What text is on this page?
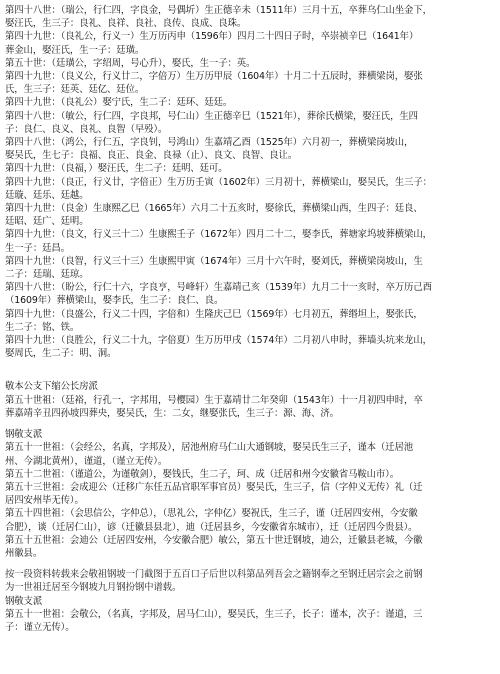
第四十八世：（瑞公，行仁四，字良金，号偶圻）生正德辛未（1511年）三月十五，卒葬乌仁山坐金下，
娶汪氏，生三子：良礼、良祥、良社、良传、良成、良珠。
第四十九世：（良礼公，行义一）生万历丙申（1596年）四月二十四日子时，卒崇祯辛巳（1641年）
葬金山，娶汪氏，生一子：廷璜。
第五十世：（廷璜公，字绍周，号心升），娶氏，生一子：英。
第四十九世：（良义公，行义廿二，字倍万）生万历甲辰（1604年）十月二十五辰时，葬横梁岗，娶张
氏，生三子：廷英、廷亿、廷位。
第四十九世：（良礼公）娶宁氏，生二子：廷环、廷廷。
第四十八世：（敏公，行仁四，字良邦，号仁山）生正德辛巳（1521年），葬徐氏横梁，娶汪氏，生四
子：良仁、良义、良礼、良智（早殁）。
第四十八世：（鸿公，行仁五，字良钊，号鸿山）生嘉靖乙酉（1525年）六月初一，葬横梁岗坡山，
娶吴氏，生七子：良福、良正、良金、良禄（止）、良文、良智、良让。
第四十九世：（良福，）娶汪氏，生二子：廷明、廷可。
第四十九世：（良正，行义廿，字倍正）生万历壬寅（1602年）三月初十，葬横梁山，娶吴氏，生三子：
廷璇、廷乐、廷越。
第四十九世：（良金）生康熙乙巳（1665年）六月二十五亥时，娶徐氏，葬横梁山西，生四子：廷良、
廷昭、廷广、廷明。
第四十九世：（良文，行义三十二）生康熙壬子（1672年）四月二十二，娶李氏，葬塘家坞坡葬横梁山，
生一子：廷昌。
第四十九世：（良智，行义三十三）生康熙甲寅（1674年）三月十六午时，娶刘氏，葬横梁岗坡山，生
二子：廷瑞、廷琼。
第四十八世：（盼公，行仁十六，字良亨，号峰轩）生嘉靖己亥（1539年）九月二十一亥时，卒万历己酉
（1609年）葬横梁山，娶李氏，生二子：良仁、良。
第四十九世：（良盛公，行义二十四，字倍和）生隆庆己巳（1569年）七月初五，葬缗坦上，娶张氏，
生二子：铭、铁。
第四十九世：（良胜公，行义二十九，字倍夏）生万历甲戌（1574年）二月初八申时，葬墙头坑来龙山，
娶周氏，生二子：明、洞。
敬本公支下缩公长房派
第五十世祖：（廷裕，行孔一，字邦用，号樱园）生于嘉靖廿二年癸卯（1543年）十一月初四申时，卒
葬嘉靖辛丑四孙坡四葬央，娶吴氏，生：二女，继娶张氏，生三子：源、海、济。
钢敬支派
第五十一世祖：（会经公，名真，字邦及），居池州府马仁山大通钢坡，娶吴氏生三子，谨本（迁居池
州、今湖北黄州），谨道，（谨立无传）。
第五十二世祖：（谨道公，为谨敬剑），娶钱氏，生二子，珂、成（迁居和州今安徽省马鞍山市）。
第五十三世祖：会成迎公（迁移广东任五品官职军事官员）娶吴氏，生三子，信（字仲义无传）礼（迁
居四安州毕无传）。
第五十四世祖：（会思信公，字仲总），（思礼公，字仲亿）娶祝氏，生三子，谨（迁居四安州，今安徽
合肥），谈（迁居仁山），谚（迁徽县县北），迪（迁居县乡，今安徽省东城市），迁（迁居四今贵县）。
第五十五世祖：会迪公（迁居四安州，今安徽合肥）敏公，第五十世迁钢坡，迪公，迁徽县老城，今徽
州徽县。
按一段资料转载来会敬祖钢坡一门截图于五百口子后世以科第品列吾会之籍钢奉之至钢迁居宗会之前钢
为一世祖迁居至今钢坡九月钢扮钢中谱载。
钢敬支派
第五十一世祖：会敬公，（名真，字邦及，居马仁山），娶吴氏，生三子，长子：谨本，次子：谨道，三
子：谨立无传）。
